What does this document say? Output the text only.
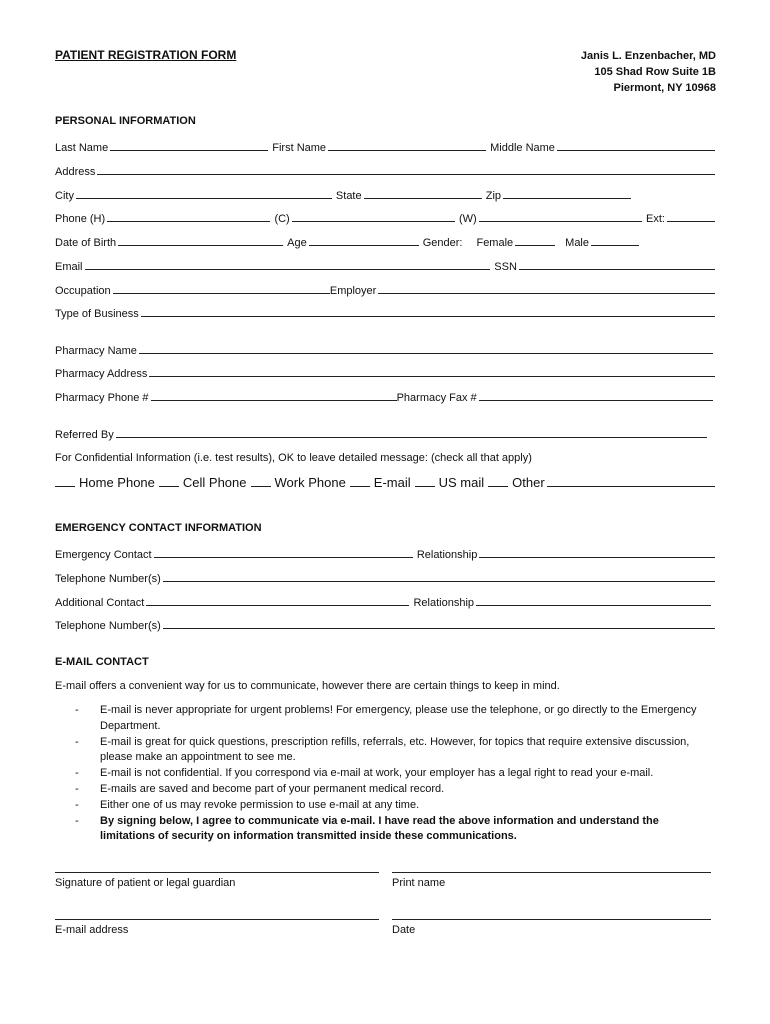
PATIENT REGISTRATION FORM	Janis L. Enzenbacher, MD
105 Shad Row Suite 1B
Piermont, NY 10968
PERSONAL INFORMATION
Last Name	First Name	Middle Name
Address
City	State	Zip
Phone (H)	(C)	(W)	Ext:
Date of Birth	Age	Gender:	Female	Male
Email	SSN
Occupation	Employer
Type of Business
Pharmacy Name
Pharmacy Address
Pharmacy Phone #	Pharmacy Fax #
Referred By
For Confidential Information (i.e. test results), OK to leave detailed message: (check all that apply)
Home Phone	Cell Phone	Work Phone	E-mail	US mail	Other
EMERGENCY CONTACT INFORMATION
Emergency Contact	Relationship
Telephone Number(s)
Additional Contact	Relationship
Telephone Number(s)
E-MAIL CONTACT
E-mail offers a convenient way for us to communicate, however there are certain things to keep in mind.
-	E-mail is never appropriate for urgent problems! For emergency, please use the telephone, or go directly to the Emergency Department.
-	E-mail is great for quick questions, prescription refills, referrals, etc. However, for topics that require extensive discussion, please make an appointment to see me.
-	E-mail is not confidential. If you correspond via e-mail at work, your employer has a legal right to read your e-mail.
-	E-mails are saved and become part of your permanent medical record.
-	Either one of us may revoke permission to use e-mail at any time.
-	By signing below, I agree to communicate via e-mail. I have read the above information and understand the limitations of security on information transmitted inside these communications.
Signature of patient or legal guardian	Print name
E-mail address	Date
